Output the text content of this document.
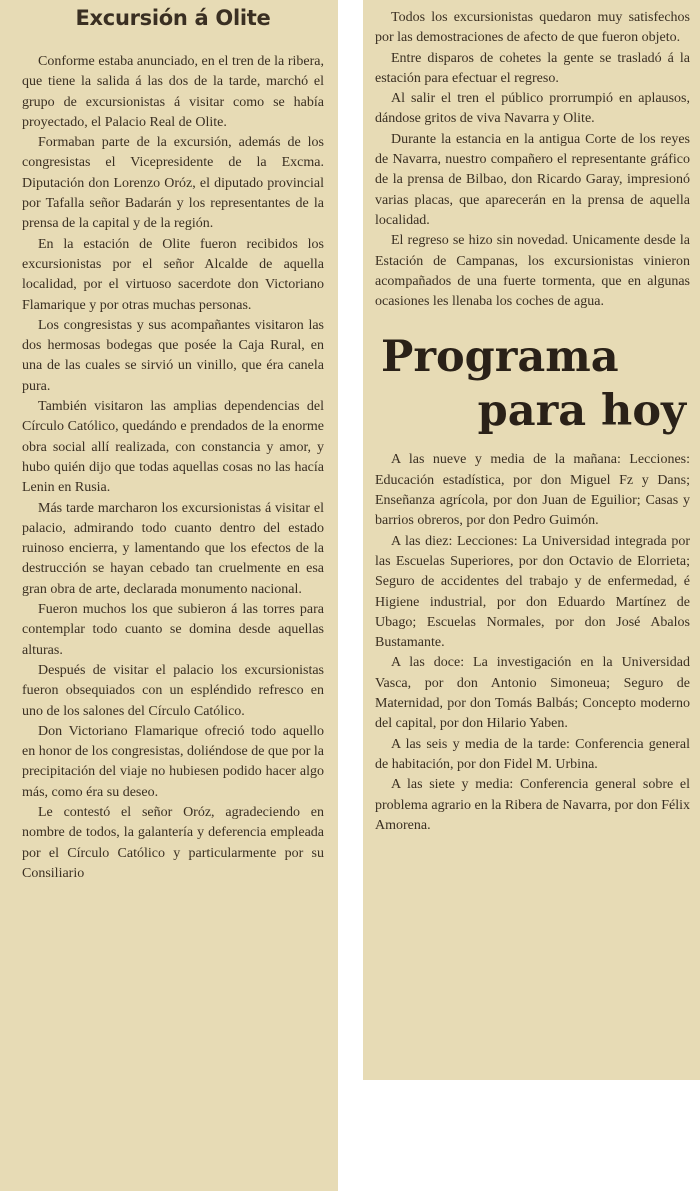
Excursión á Olite

Conforme estaba anunciado, en el tren de la ribera, que tiene la salida á las dos de la tarde, marchó el grupo de excursionistas á visitar como se había proyectado, el Palacio Real de Olite.

Formaban parte de la excursión, además de los congresistas el Vicepresidente de la Excma. Diputación don Lorenzo Oróz, el diputado provincial por Tafalla señor Badarán y los representantes de la prensa de la capital y de la región.

En la estación de Olite fueron recibidos los excursionistas por el señor Alcalde de aquella localidad, por el virtuoso sacerdote don Victoriano Flamarique y por otras muchas personas.

Los congresistas y sus acompañantes visitaron las dos hermosas bodegas que posée la Caja Rural, en una de las cuales se sirvió un vinillo, que éra canela pura.

También visitaron las amplias dependencias del Círculo Católico, quedándo e prendados de la enorme obra social allí realizada, con constancia y amor, y hubo quién dijo que todas aquellas cosas no las hacía Lenin en Rusia.

Más tarde marcharon los excursionistas á visitar el palacio, admirando todo cuanto dentro del estado ruinoso encierra, y lamentando que los efectos de la destrucción se hayan cebado tan cruelmente en esa gran obra de arte, declarada monumento nacional.

Fueron muchos los que subieron á las torres para contemplar todo cuanto se domina desde aquellas alturas.

Después de visitar el palacio los excursionistas fueron obsequiados con un espléndido refresco en uno de los salones del Círculo Católico.

Don Victoriano Flamarique ofreció todo aquello en honor de los congresistas, doliéndose de que por la precipitación del viaje no hubiesen podido hacer algo más, como éra su deseo.

Le contestó el señor Oróz, agradeciendo en nombre de todos, la galantería y deferencia empleada por el Círculo Católico y particularmente por su Consiliario

Todos los excursionistas quedaron muy satisfechos por las demostraciones de afecto de que fueron objeto.

Entre disparos de cohetes la gente se trasladó á la estación para efectuar el regreso.

Al salir el tren el público prorrumpió en aplausos, dándose gritos de viva Navarra y Olite.

Durante la estancia en la antigua Corte de los reyes de Navarra, nuestro compañero el representante gráfico de la prensa de Bilbao, don Ricardo Garay, impresionó varias placas, que aparecerán en la prensa de aquella localidad.

El regreso se hizo sin novedad. Unicamente desde la Estación de Campanas, los excursionistas vinieron acompañados de una fuerte tormenta, que en algunas ocasiones les llenaba los coches de agua.

Programa
para hoy

A las nueve y media de la mañana: Lecciones: Educación estadística, por don Miguel Fz y Dans; Enseñanza agrícola, por don Juan de Eguilior; Casas y barrios obreros, por don Pedro Guimón.

A las diez: Lecciones: La Universidad integrada por las Escuelas Superiores, por don Octavio de Elorrieta; Seguro de accidentes del trabajo y de enfermedad, é Higiene industrial, por don Eduardo Martínez de Ubago; Escuelas Normales, por don José Abalos Bustamante.

A las doce: La investigación en la Universidad Vasca, por don Antonio Simoneua; Seguro de Maternidad, por don Tomás Balbás; Concepto moderno del capital, por don Hilario Yaben.

A las seis y media de la tarde: Conferencia general de habitación, por don Fidel M. Urbina.

A las siete y media: Conferencia general sobre el problema agrario en la Ribera de Navarra, por don Félix Amorena.
